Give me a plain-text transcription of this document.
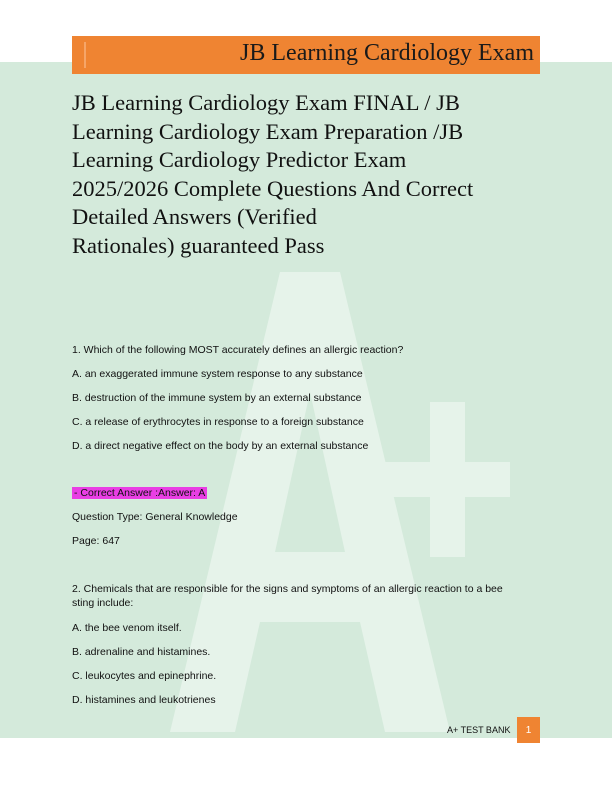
JB Learning Cardiology Exam
JB Learning Cardiology Exam FINAL / JB
Learning Cardiology Exam Preparation /JB
Learning Cardiology Predictor Exam
2025/2026 Complete Questions And Correct
Detailed Answers (Verified
Rationales) guaranteed Pass
1. Which of the following MOST accurately defines an allergic reaction?
A. an exaggerated immune system response to any substance
B. destruction of the immune system by an external substance
C. a release of erythrocytes in response to a foreign substance
D. a direct negative effect on the body by an external substance
- Correct Answer :Answer: A
Question Type: General Knowledge
Page: 647
2. Chemicals that are responsible for the signs and symptoms of an allergic reaction to a bee
sting include:
A. the bee venom itself.
B. adrenaline and histamines.
C. leukocytes and epinephrine.
D. histamines and leukotrienes
A+ TEST BANK	1
